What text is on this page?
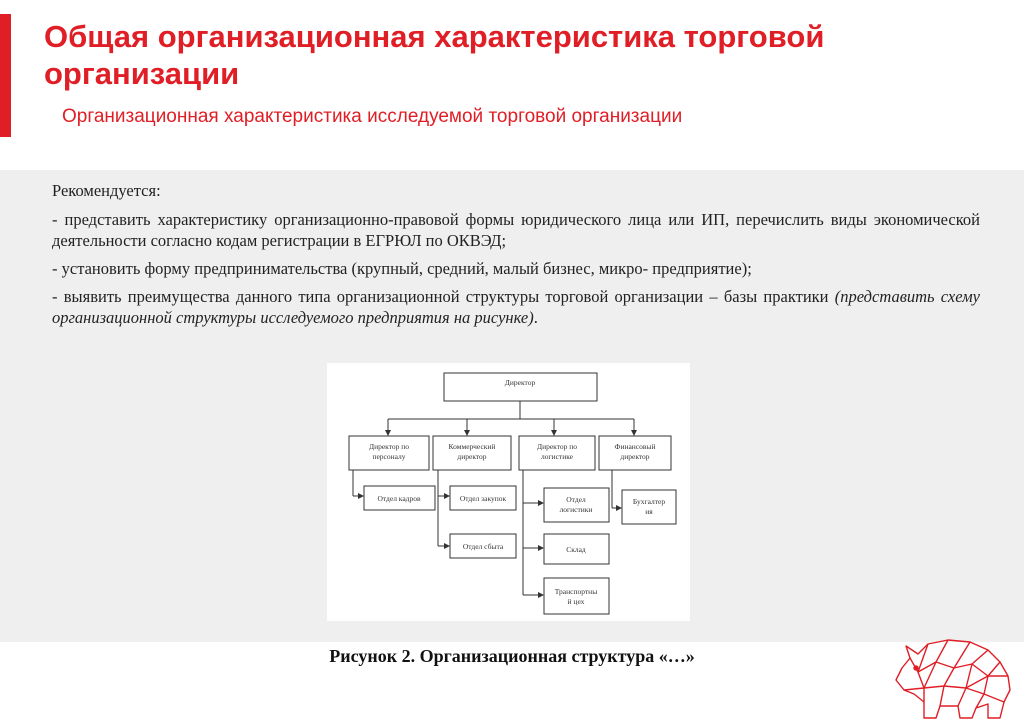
Общая организационная характеристика торговой организации

Организационная характеристика исследуемой торговой организации

Рекомендуется:

- представить характеристику организационно-правовой формы юридического лица или ИП, перечислить виды экономической деятельности согласно кодам регистрации в ЕГРЮЛ по ОКВЭД;

- установить форму предпринимательства (крупный, средний, малый бизнес, микро- предприятие);

- выявить преимущества данного типа организационной структуры торговой организации – базы практики (представить схему организационной структуры исследуемого предприятия на рисунке).

Директор
Директор по
персоналу
Коммерческий
директор
Директор по
логистике
Финансовый
директор
Отдел кадров	Отдел закупок
Отдел сбыта
Отдел
логистики
Склад
Транспортны
й цех
Бухгалтер
ия
Рисунок 2. Организационная структура «…»
